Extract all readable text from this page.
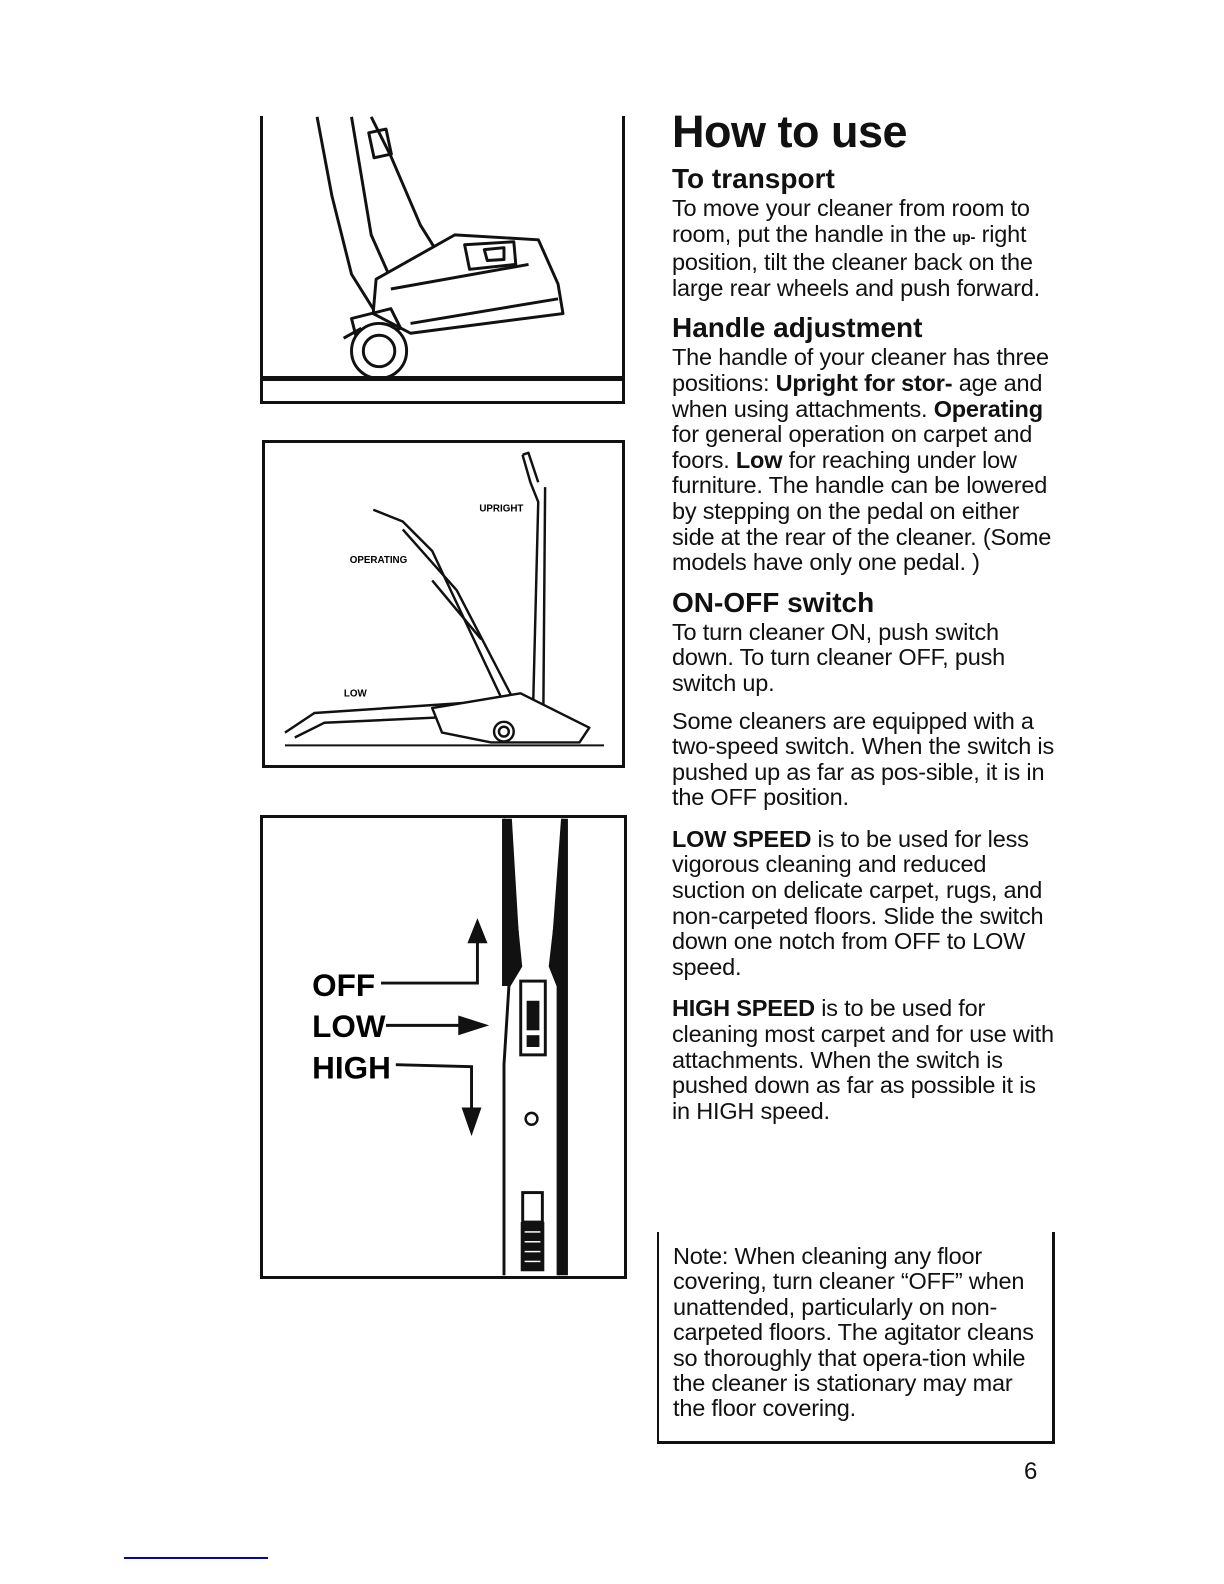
UPRIGHT
OPERATING
LOW
OFF
LOW
HIGH
How to use
To transport

To move your cleaner from room to room, put the handle in the up- right position, tilt the cleaner back on the large rear wheels and push forward.

Handle adjustment

The handle of your cleaner has three positions: Upright for stor- age and when using attachments. Operating for general operation on carpet and foors. Low for reaching under low furniture. The handle can be lowered by stepping on the pedal on either side at the rear of the cleaner. (Some models have only one pedal. )

ON-OFF switch

To turn cleaner ON, push switch down. To turn cleaner OFF, push switch up.

Some cleaners are equipped with a two-speed switch. When the switch is pushed up as far as pos-sible, it is in the OFF position.

LOW SPEED is to be used for less vigorous cleaning and reduced suction on delicate carpet, rugs, and non-carpeted floors. Slide the switch down one notch from OFF to LOW speed.

HIGH SPEED is to be used for cleaning most carpet and for use with attachments. When the switch is pushed down as far as possible it is in HIGH speed.

Note: When cleaning any floor covering, turn cleaner “OFF” when unattended, particularly on non-carpeted floors. The agitator cleans so thoroughly that opera-tion while the cleaner is stationary may mar the floor covering.

6
